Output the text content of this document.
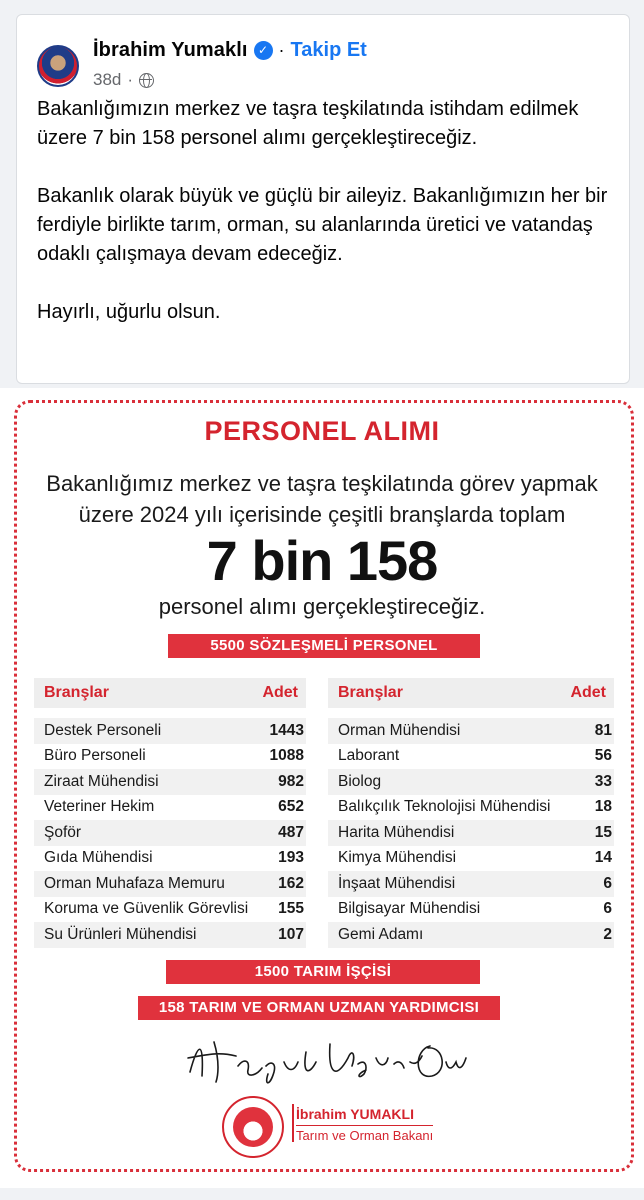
İbrahim Yumaklı ✓ · Takip Et
38d ·

Bakanlığımızın merkez ve taşra teşkilatında istihdam edilmek üzere 7 bin 158 personel alımı gerçekleştireceğiz.

Bakanlık olarak büyük ve güçlü bir aileyiz. Bakanlığımızın her bir ferdiyle birlikte tarım, orman, su alanlarında üretici ve vatandaş odaklı çalışmaya devam edeceğiz.

Hayırlı, uğurlu olsun.

PERSONEL ALIMI
Bakanlığımız merkez ve taşra teşkilatında görev yapmak
üzere 2024 yılı içerisinde çeşitli branşlarda toplam
7 bin 158
personel alımı gerçekleştireceğiz.
5500 SÖZLEŞMELİ PERSONEL
Branşlar	Adet
Destek Personeli	1443
Büro Personeli	1088
Ziraat Mühendisi	982
Veteriner Hekim	652
Şoför	487
Gıda Mühendisi	193
Orman Muhafaza Memuru	162
Koruma ve Güvenlik Görevlisi 155
Su Ürünleri Mühendisi	107
Branşlar	Adet
Orman Mühendisi	81
Laborant	56
Biolog	33
Balıkçılık Teknolojisi Mühendisi	18
Harita Mühendisi	15
Kimya Mühendisi	14
İnşaat Mühendisi	6
Bilgisayar Mühendisi	6
Gemi Adamı	2
1500 TARIM İŞÇİSİ
158 TARIM VE ORMAN UZMAN YARDIMCISI
İbrahim YUMAKLI
Tarım ve Orman Bakanı
